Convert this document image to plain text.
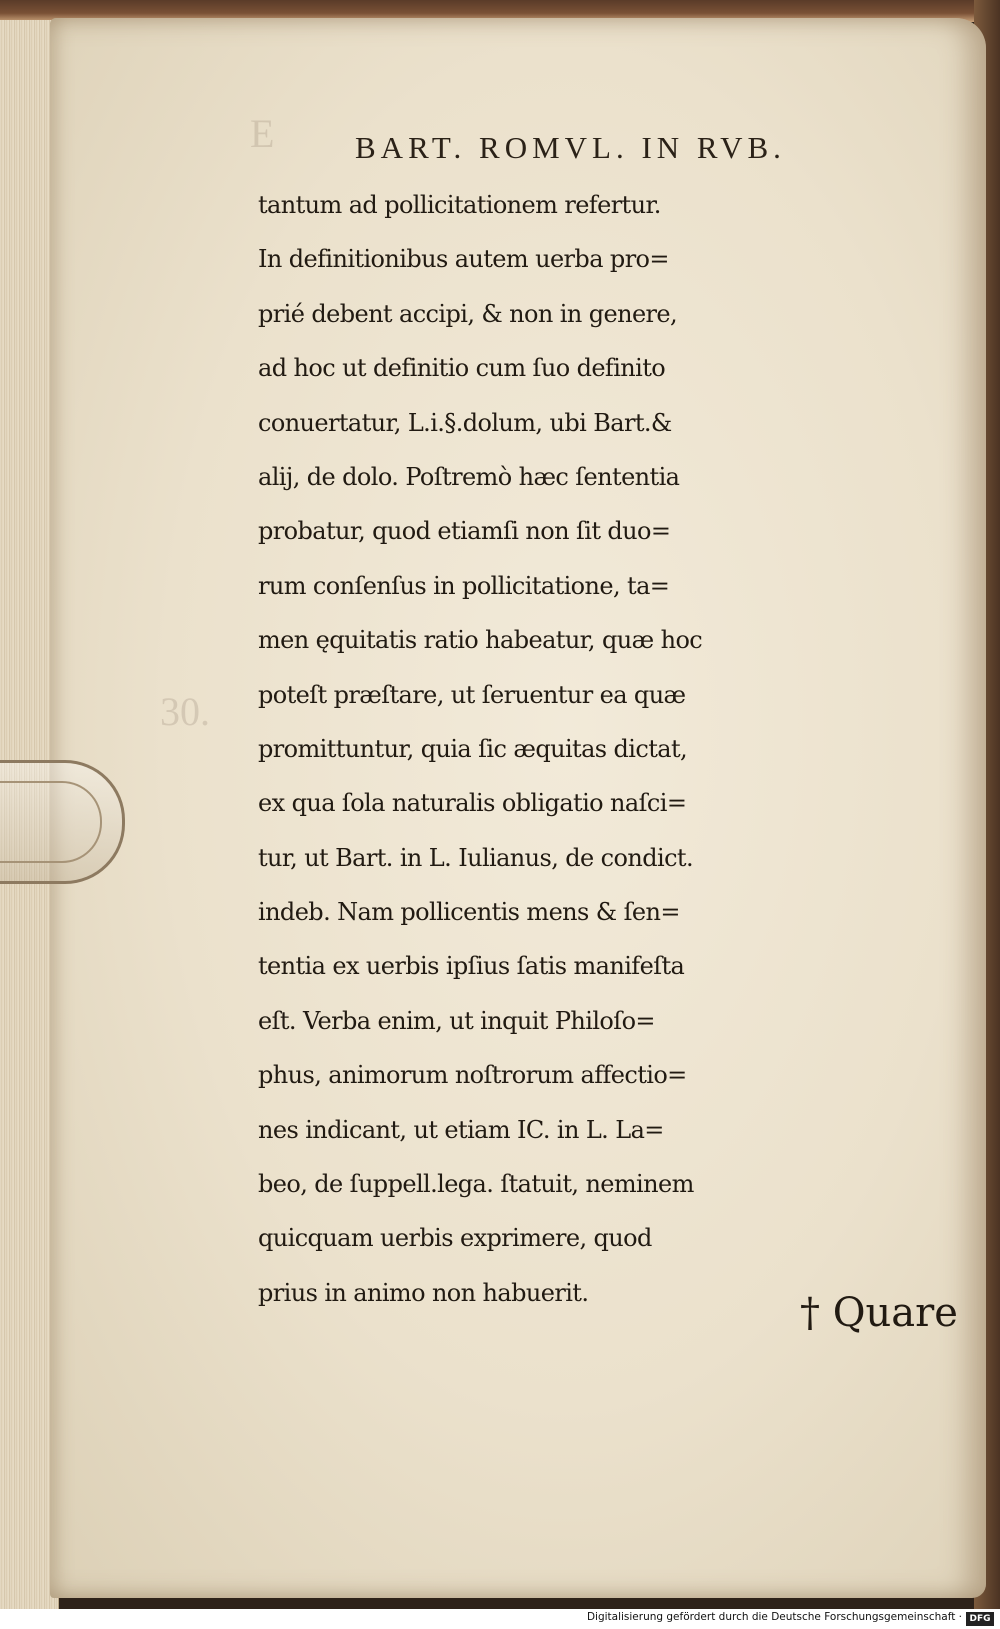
30.
E	BART. ROMVL. IN RVB.
tantum ad pollicitationem refertur.
In definitionibus autem uerba pro=
prié debent accipi, & non in genere,
ad hoc ut definitio cum ſuo definito
conuertatur, L.i.§.dolum, ubi Bart.&
alij, de dolo. Poſtremò hæc ſententia
probatur, quod etiamſi non ſit duo=
rum conſenſus in pollicitatione, ta=
men ęquitatis ratio habeatur, quæ hoc
poteſt præſtare, ut ſeruentur ea quæ
promittuntur, quia ſic æquitas dictat,
ex qua ſola naturalis obligatio naſci=
tur, ut Bart. in L. Iulianus, de condict.
indeb. Nam pollicentis mens & ſen=
tentia ex uerbis ipſius ſatis manifeſta
eſt. Verba enim, ut inquit Philoſo=
phus, animorum noſtrorum affectio=
nes indicant, ut etiam IC. in L. La=
beo, de ſuppell.lega. ſtatuit, neminem
quicquam uerbis exprimere, quod
prius in animo non habuerit.	† Quare
Digitalisierung gefördert durch die Deutsche Forschungsgemeinschaft · DFG
